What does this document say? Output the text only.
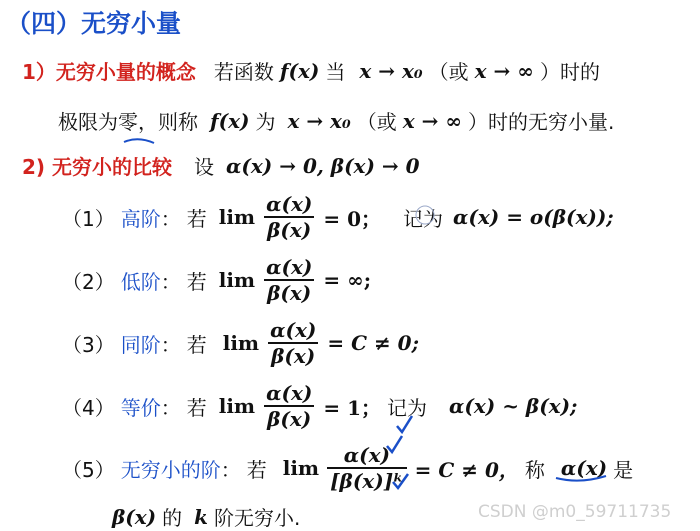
（四）无穷小量
1）无穷小量的概念 若函数 f(x) 当 x → x₀ （或 x → ∞ ）时的
极限为 零 ，则称 f(x) 为 x → x₀ （或 x → ∞ ）时的无穷小量.
2) 无穷小的比较 设 α(x) → 0, β(x) → 0
（1） 高阶 ： 若 $\lim \frac{\alpha(x)}{\beta(x)} = 0$； 记为 α(x) = o(β(x));
（2） 低阶 ： 若 $\lim \frac{\alpha(x)}{\beta(x)}$ = ∞;
（3） 同阶 ： 若 $\lim \frac{\alpha(x)}{\beta(x)} = C \ne 0$;
（4） 等价 ： 若 $\lim \frac{\alpha(x)}{\beta(x)} = 1$； 记为 α(x) ~ β(x);
（5） 无穷小的阶 ： 若 $\lim \frac{\alpha(x)}{\text{[β(x)]ᵏ}} = C \ne 0$， 称 α(x) 是
β(x) 的 k 阶无穷小.	CSDN @m0_59711735
